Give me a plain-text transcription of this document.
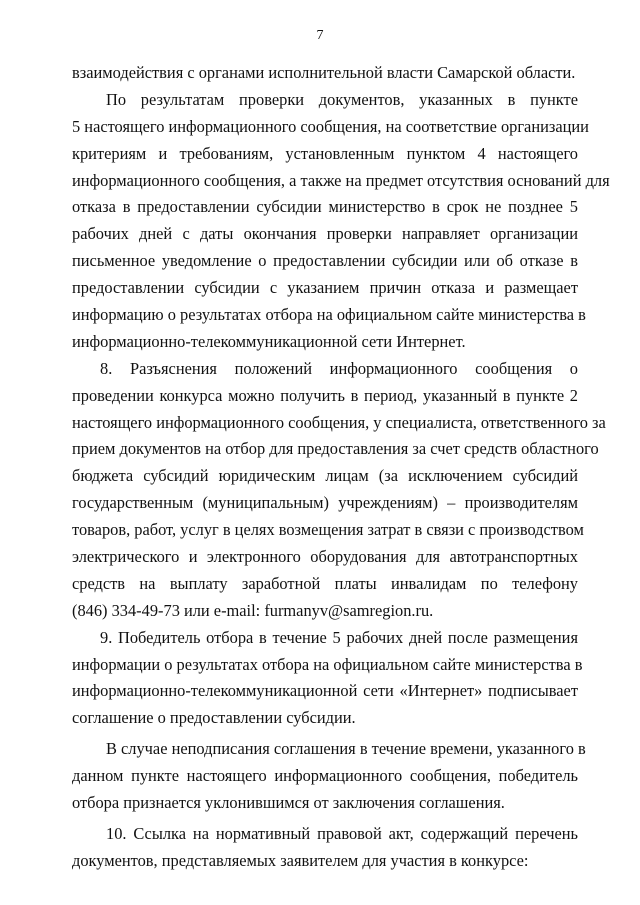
7
взаимодействия с органами исполнительной власти Самарской области.
По результатам проверки документов, указанных в пункте
5 настоящего информационного сообщения, на соответствие организации
критериям и требованиям, установленным пунктом 4 настоящего
информационного сообщения, а также на предмет отсутствия оснований для
отказа в предоставлении субсидии министерство в срок не позднее 5
рабочих дней с даты окончания проверки направляет организации
письменное уведомление о предоставлении субсидии или об отказе в
предоставлении субсидии с указанием причин отказа и размещает
информацию о результатах отбора на официальном сайте министерства в
информационно-телекоммуникационной сети Интернет.
8. Разъяснения положений информационного сообщения о
проведении конкурса можно получить в период, указанный в пункте 2
настоящего информационного сообщения, у специалиста, ответственного за
прием документов на отбор для предоставления за счет средств областного
бюджета субсидий юридическим лицам (за исключением субсидий
государственным (муниципальным) учреждениям) – производителям
товаров, работ, услуг в целях возмещения затрат в связи с производством
электрического и электронного оборудования для автотранспортных
средств на выплату заработной платы инвалидам по телефону
(846) 334-49-73 или e-mail: furmanyv@samregion.ru.
9. Победитель отбора в течение 5 рабочих дней после размещения
информации о результатах отбора на официальном сайте министерства в
информационно-телекоммуникационной сети «Интернет» подписывает
соглашение о предоставлении субсидии.
В случае неподписания соглашения в течение времени, указанного в
данном пункте настоящего информационного сообщения, победитель
отбора признается уклонившимся от заключения соглашения.
10. Ссылка на нормативный правовой акт, содержащий перечень
документов, представляемых заявителем для участия в конкурсе:
